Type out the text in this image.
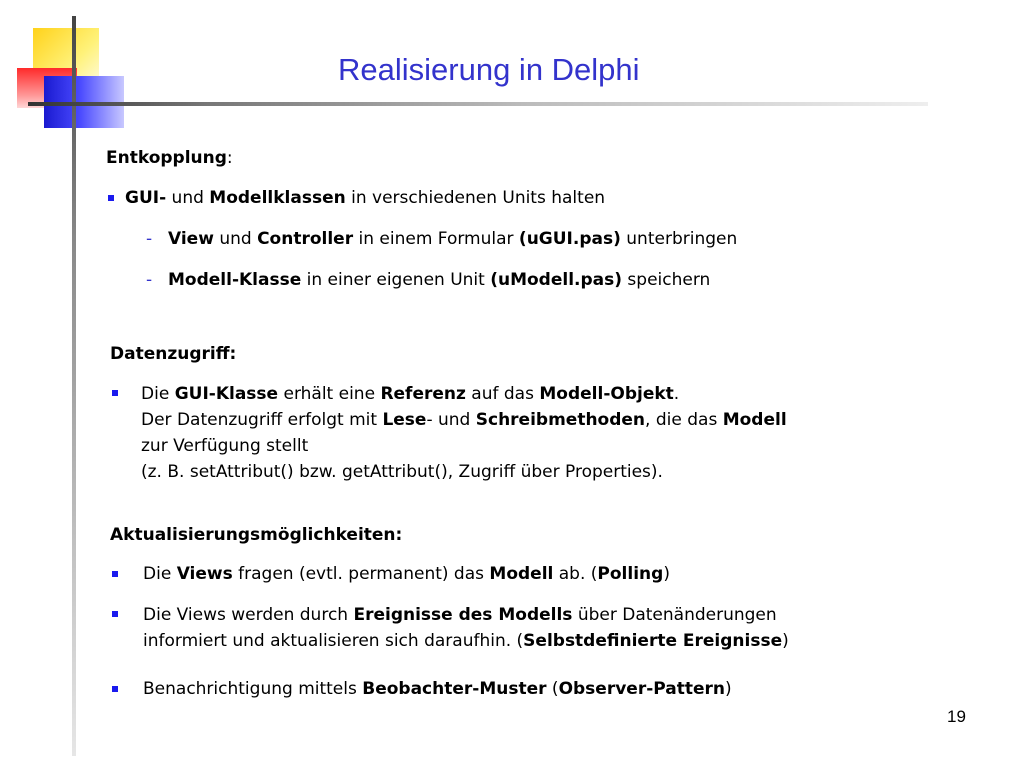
Realisierung in Delphi
Entkopplung:
GUI- und Modellklassen in verschiedenen Units halten
- View und Controller in einem Formular (uGUI.pas) unterbringen
- Modell-Klasse in einer eigenen Unit (uModell.pas) speichern
Datenzugriff:
Die GUI-Klasse erhält eine Referenz auf das Modell-Objekt.
Der Datenzugriff erfolgt mit Lese- und Schreibmethoden, die das Modell
zur Verfügung stellt
(z. B. setAttribut() bzw. getAttribut(), Zugriff über Properties).
Aktualisierungsmöglichkeiten:
Die Views fragen (evtl. permanent) das Modell ab. (Polling)
Die Views werden durch Ereignisse des Modells über Datenänderungen
informiert und aktualisieren sich daraufhin. (Selbstdefinierte Ereignisse)
Benachrichtigung mittels Beobachter-Muster (Observer-Pattern)
19
